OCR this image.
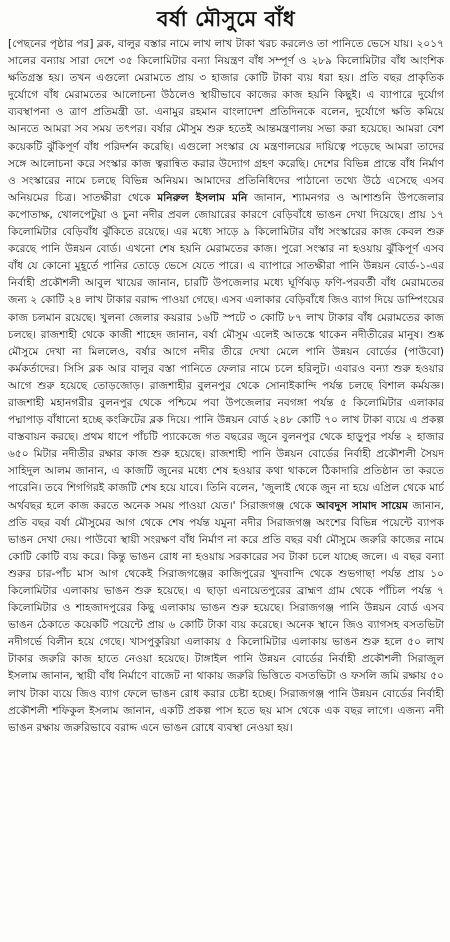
বর্ষা মৌসুমে বাঁধ
[পেছনের পৃষ্ঠার পর] ব্লক, বালুর বস্তার নামে লাখ লাখ টাকা খরচ করলেও তা পানিতে ভেসে যায়। ২০১৭ সালের বন্যায় সারা দেশে ৩৫ কিলোমিটার বন্যা নিয়ন্ত্রণ বাঁধ সম্পূর্ণ ও ২৮৯ কিলোমিটার বাঁধ আংশিক ক্ষতিগ্রস্ত হয়। তখন এগুলো মেরামতে প্রায় ৩ হাজার কোটি টাকা ব্যয় ধরা হয়। প্রতি বছর প্রাকৃতিক দুর্যোগে বাঁধ মেরামতের আলোচনা উঠলেও স্থায়ীভাবে কাজের কাজ হয়নি কিছুই। এ ব্যাপারে দুর্যোগ ব্যবস্থাপনা ও ত্রাণ প্রতিমন্ত্রী ডা. এনামুর রহমান বাংলাদেশ প্রতিদিনকে বলেন, দুর্যোগে ক্ষতি কমিয়ে আনতে আমরা সব সময় তৎপর। বর্ষার মৌসুম শুরু হতেই আন্তমন্ত্রণালয় সভা করা হয়েছে। আমরা বেশ কয়েকটি ঝুঁকিপূর্ণ বাঁধ পরিদর্শন করেছি। এগুলো সংস্কার যে মন্ত্রণালয়ের দায়িত্বে পড়েছে আমরা তাদের সঙ্গে আলোচনা করে সংস্কার কাজ ত্বরান্বিত করার উদ্যোগ গ্রহণ করেছি। দেশের বিভিন্ন প্রান্তে বাঁধ নির্মাণ ও সংস্কারের নামে চলছে বিভিন্ন অনিয়ম। আমাদের প্রতিনিধিদের পাঠানো তথ্যে উঠে এসেছে এসব অনিয়মের চিত্র। সাতক্ষীরা থেকে মনিরুল ইসলাম মনি জানান, শ্যামনগর ও আশাশুনি উপজেলার কপোতাক্ষ, খোলপেটুয়া ও চুনা নদীর প্রবল জোয়ারের কারণে বেড়িবাঁধে ভাঙন দেখা দিয়েছে। প্রায় ১৭ কিলোমিটার বেড়িবাঁধ ঝুঁকিতে রয়েছে। এর মধ্যে সাড়ে ৯ কিলোমিটার বাঁধ সংস্কারের কাজ কেবল শুরু করেছে পানি উন্নয়ন বোর্ড। এখনো শেষ হয়নি মেরামতের কাজ। পুরো সংস্কার না হওয়ায় ঝুঁকিপূর্ণ এসব বাঁধ যে কোনো মুহূর্তে পানির তোড়ে ভেসে যেতে পারে। এ ব্যাপারে সাতক্ষীরা পানি উন্নয়ন বোর্ড-১-এর নির্বাহী প্রকৌশলী আবুল খায়ের জানান, চারটি উপজেলার মধ্যে ঘূর্ণিঝড় ফণি-পরবর্তী বাঁধ মেরামতের জন্য ২ কোটি ২৪ লাখ টাকার বরাদ্দ পাওয়া গেছে। এসব এলাকার বেড়িবাঁধে জিও ব্যাগ দিয়ে ডাম্পিংয়ের কাজ চলমান রয়েছে। খুলনা জেলার কয়রার ১৬টি স্পটে ৩ কোটি ৮৭ লাখ টাকার বাঁধ মেরামতের কাজ চলছে। রাজশাহী থেকে কাজী শাহেদ জানান, বর্ষা মৌসুম এলেই আতঙ্কে থাকেন নদীতীরের মানুষ। শুষ্ক মৌসুমে দেখা না মিললেও, বর্ষার আগে নদীর তীরে দেখা মেলে পানি উন্নয়ন বোর্ডের (পাউবো) কর্মকর্তাদের। সিসি ব্লক আর বালুর বস্তা পানিতে ফেলার নামে চলে হরিলুট। এবারও বন্যা শুরু হওয়ার আগে শুরু হয়েছে তোড়জোড়। রাজশাহীর বুলনপুর থেকে সোনাইকান্দি পর্যন্ত চলছে বিশাল কর্মযজ্ঞ। রাজশাহী মহানগরীর বুলনপুর থেকে পশ্চিমে পবা উপজেলার নবগঙ্গা পর্যন্ত ৫ কিলোমিটার এলাকার পদ্মাপাড় বাঁধানো হচ্ছে কংক্রিটের ব্লক দিয়ে। পানি উন্নয়ন বোর্ড ২৪৮ কোটি ৭০ লাখ টাকা ব্যয়ে এ প্রকল্প বাস্তবায়ন করছে। প্রথম ধাপে পাঁচটি প্যাকেজে গত বছরের জুনে বুলনপুর থেকে হাড়ুপুর পর্যন্ত ২ হাজার ৬৫০ মিটার নদীতীর রক্ষার কাজ শুরু হয়েছে। রাজশাহী পানি উন্নয়ন বোর্ডের নির্বাহী প্রকৌশলী সৈয়দ সাহিদুল আলম জানান, এ কাজটি জুনের মধ্যে শেষ হওয়ার কথা থাকলে ঠিকাদারি প্রতিষ্ঠান তা করতে পারেনি। তবে শিগগিরই কাজটি শেষ হয়ে যাবে। তিনি বলেন, 'জুলাই থেকে জুন না হয়ে এপ্রিল থেকে মার্চ অর্থবছর হলে কাজ করতে অনেক সময় পাওয়া যেত।' সিরাজগঞ্জ থেকে আবদুস সামাদ সায়েম জানান, প্রতি বছর বর্ষা মৌসুমের আগ থেকে শেষ পর্যন্ত যমুনা নদীর সিরাজগঞ্জ অংশের বিভিন্ন পয়েন্টে ব্যাপক ভাঙন দেখা দেয়। পাউবো স্থায়ী সংরক্ষণ বাঁধ নির্মাণ না করে প্রতি বছর বর্ষা মৌসুমে জরুরি কাজের নামে কোটি কোটি ব্যয় করে। কিন্তু ভাঙন রোধ না হওয়ায় সরকারের সব টাকা চলে যাচ্ছে জলে। এ বছর বন্যা শুরুর চার-পাঁচ মাস আগ থেকেই সিরাজগঞ্জের কাজিপুরের খুদবান্দি থেকে শুভগাছা পর্যন্ত প্রায় ১০ কিলোমিটার এলাকায় ভাঙন শুরু হয়েছে। এ ছাড়া এনায়েতপুরের ব্রাহ্মণ গ্রাম থেকে পাঁচিল পর্যন্ত ৭ কিলোমিটার ও শাহজাদপুরের কিছু এলাকায় ভাঙন শুরু হয়েছে। সিরাজগঞ্জ পানি উন্নয়ন বোর্ড এসব ভাঙন ঠেকাতে কয়েকটি পয়েন্টে প্রায় ৬ কোটি টাকা ব্যয় করেছে। অনেক স্থানে জিও ব্যাগসহ বসতভিটা নদীগর্ভে বিলীন হয়ে গেছে। খাসপুকুরিয়া এলাকায় ৫ কিলোমিটার এলাকায় ভাঙন শুরু হলে ৫০ লাখ টাকার জরুরি কাজ হাতে নেওয়া হয়েছে। টাঙ্গাইল পানি উন্নয়ন বোর্ডের নির্বাহী প্রকৌশলী সিরাজুল ইসলাম জানান, স্থায়ী বাঁধ নির্মাণে বাজেট না থাকায় জরুরি ভিত্তিতে বসতভিটা ও ফসলি জমি রক্ষায় ৫০ লাখ টাকা ব্যয়ে জিও ব্যাগ ফেলে ভাঙন রোধ করার চেষ্টা হচ্ছে। সিরাজগঞ্জ পানি উন্নয়ন বোর্ডের নির্বাহী প্রকৌশলী শফিকুল ইসলাম জানান, একটি প্রকল্প পাস হতে ছয় মাস থেকে এক বছর লাগে। এজন্য নদী ভাঙন রক্ষায় জরুরিভাবে বরাদ্দ এনে ভাঙন রোধে ব্যবস্থা নেওয়া হয়।
